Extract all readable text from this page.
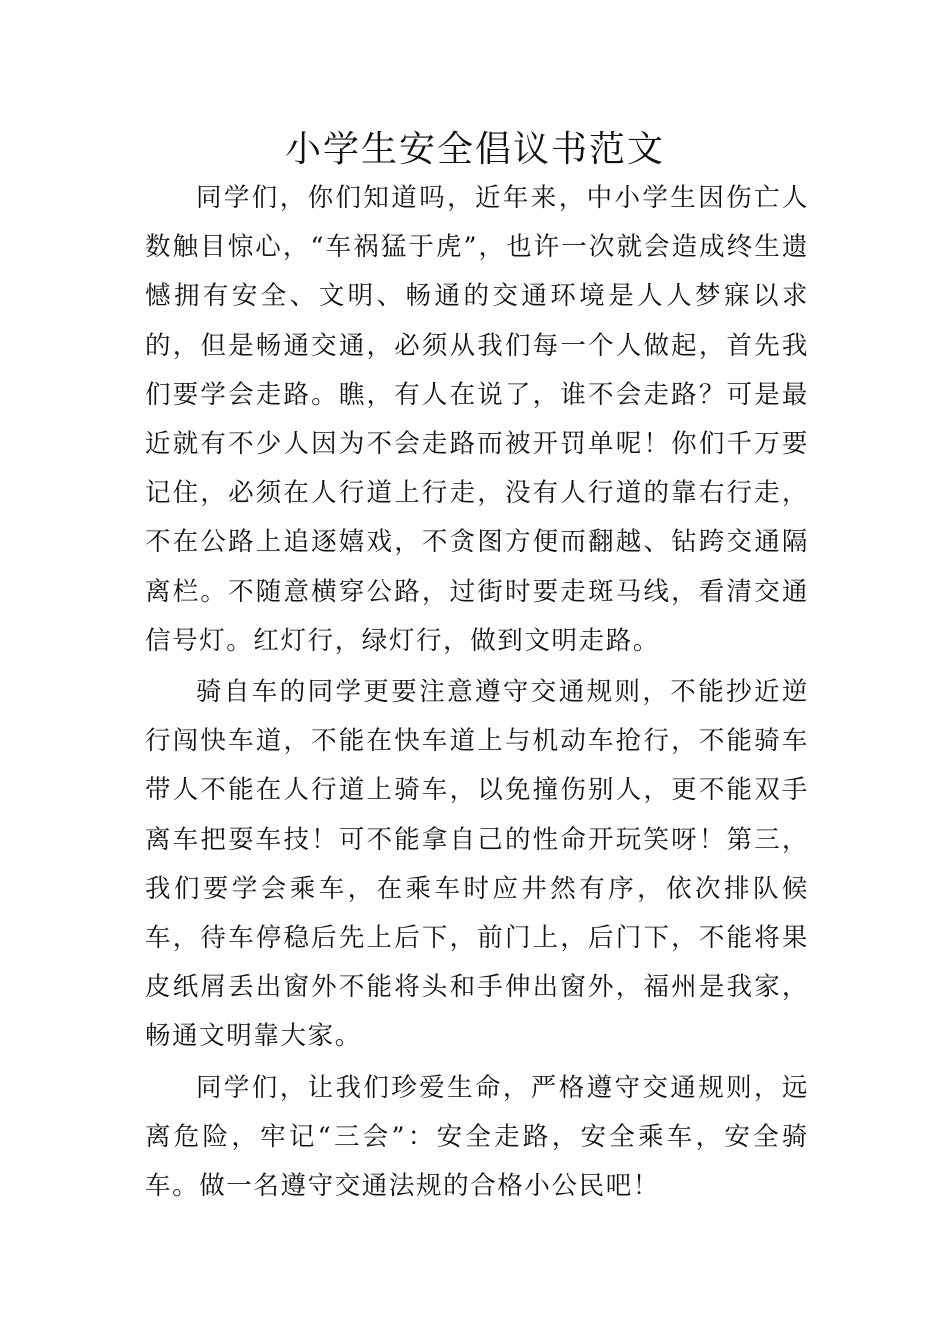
小学生安全倡议书范文

同学们，你们知道吗，近年来，中小学生因伤亡人数触目惊心，“车祸猛于虎”，也许一次就会造成终生遗憾拥有安全、文明、畅通的交通环境是人人梦寐以求的，但是畅通交通，必须从我们每一个人做起，首先我们要学会走路。瞧，有人在说了，谁不会走路？可是最近就有不少人因为不会走路而被开罚单呢！你们千万要记住，必须在人行道上行走，没有人行道的靠右行走，不在公路上追逐嬉戏，不贪图方便而翻越、钻跨交通隔离栏。不随意横穿公路，过街时要走斑马线，看清交通信号灯。红灯行，绿灯行，做到文明走路。

骑自车的同学更要注意遵守交通规则，不能抄近逆行闯快车道，不能在快车道上与机动车抢行，不能骑车带人不能在人行道上骑车，以免撞伤别人，更不能双手离车把耍车技！可不能拿自己的性命开玩笑呀！第三，我们要学会乘车，在乘车时应井然有序，依次排队候车，待车停稳后先上后下，前门上，后门下，不能将果皮纸屑丢出窗外不能将头和手伸出窗外，福州是我家，畅通文明靠大家。

同学们，让我们珍爱生命，严格遵守交通规则，远离危险，牢记“三会”：安全走路，安全乘车，安全骑车。做一名遵守交通法规的合格小公民吧！
